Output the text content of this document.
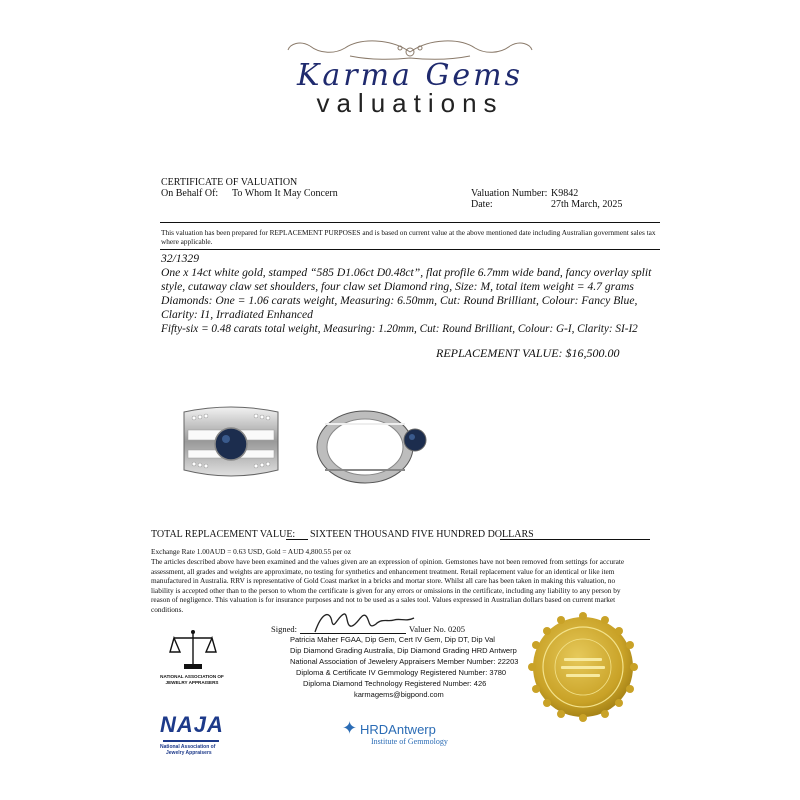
Karma Gems
valuations
CERTIFICATE OF VALUATION
On Behalf Of: To Whom It May Concern	Valuation Number: K9842
Date:	27th March, 2025
This valuation has been prepared for REPLACEMENT PURPOSES and is based on current value at the above mentioned date including Australian government sales tax where applicable.
32/1329
One x 14ct white gold, stamped “585 D1.06ct D0.48ct”, flat profile 6.7mm wide band, fancy overlay split
style, cutaway claw set shoulders, four claw set Diamond ring, Size: M, total item weight = 4.7 grams
Diamonds: One = 1.06 carats weight, Measuring: 6.50mm, Cut: Round Brilliant, Colour: Fancy Blue,
Clarity: I1, Irradiated Enhanced
Fifty-six = 0.48 carats total weight, Measuring: 1.20mm, Cut: Round Brilliant, Colour: G-I, Clarity: SI-I2
REPLACEMENT VALUE: $16,500.00
TOTAL REPLACEMENT VALUE: SIXTEEN THOUSAND FIVE HUNDRED DOLLARS
Exchange Rate 1.00AUD = 0.63 USD, Gold = AUD 4,800.55 per oz
The articles described above have been examined and the values given are an expression of opinion. Gemstones have not been removed from settings for accurate
assessment, all grades and weights are approximate, no testing for synthetics and enhancement treatment. Retail replacement value for an identical or like item
manufactured in Australia. RRV is representative of Gold Coast market in a bricks and mortar store. Whilst all care has been taken in making this valuation, no
liability is accepted other than to the person to whom the certificate is given for any errors or omissions in the certificate, including any liability to any person by
reason of negligence. This valuation is for insurance purposes and not to be used as a sales tool. Values expressed in Australian dollars based on current market
conditions.
Signed:	Valuer No. 0205
Patricia Maher FGAA, Dip Gem, Cert IV Gem, Dip DT, Dip Val
Dip Diamond Grading Australia, Dip Diamond Grading HRD Antwerp
National Association of Jewelery Appraisers Member Number: 22203
Diploma & Certificate IV Gemmology Registered Number: 3780
Diploma Diamond Technology Registered Number: 426
karmagems@bigpond.com
NATIONAL ASSOCIATION OF JEWELRY APPRAISERS
NAJA
National Association of
Jewelry Appraisers
✦ HRDAntwerp
Institute of Gemmology
